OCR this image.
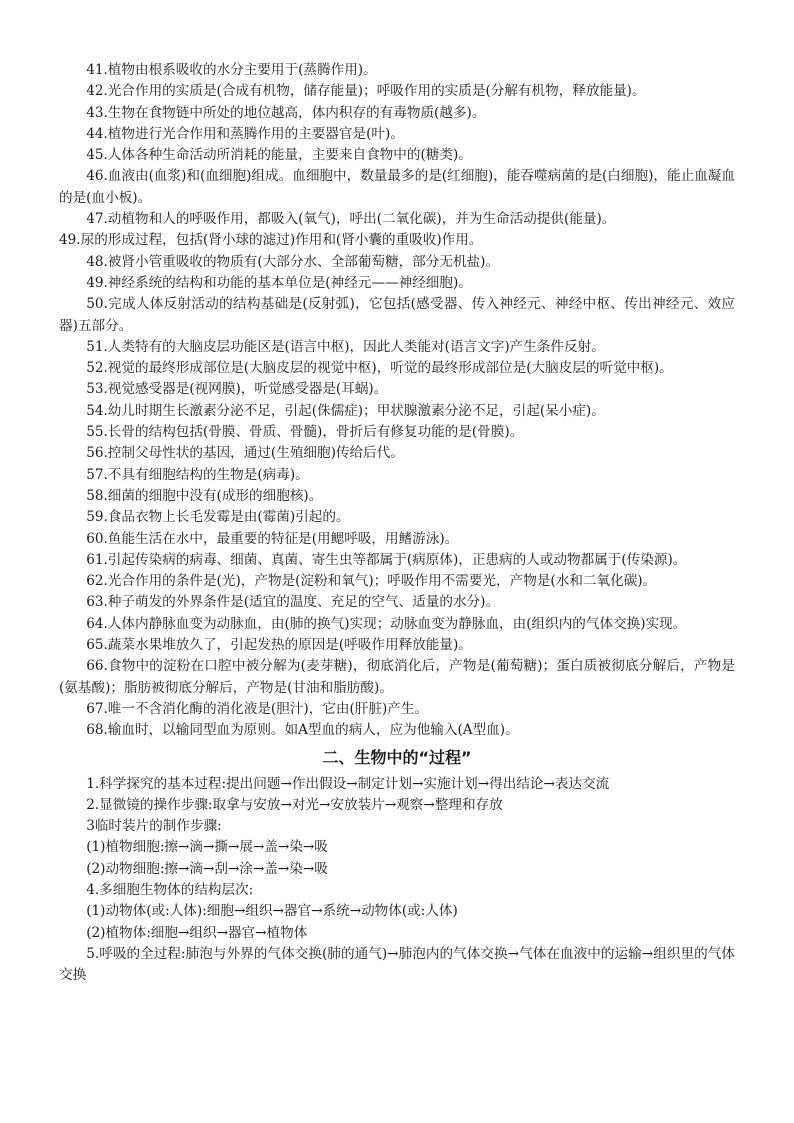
41.植物由根系吸收的水分主要用于(蒸腾作用)。

42.光合作用的实质是(合成有机物，储存能量)；呼吸作用的实质是(分解有机物，释放能量)。

43.生物在食物链中所处的地位越高，体内积存的有毒物质(越多)。

44.植物进行光合作用和蒸腾作用的主要器官是(叶)。

45.人体各种生命活动所消耗的能量，主要来自食物中的(糖类)。

46.血液由(血浆)和(血细胞)组成。血细胞中，数量最多的是(红细胞)，能吞噬病菌的是(白细胞)，能止血凝血的是(血小板)。

47.动植物和人的呼吸作用，都吸入(氧气)，呼出(二氧化碳)，并为生命活动提供(能量)。

49.尿的形成过程，包括(肾小球的滤过)作用和(肾小囊的重吸收)作用。

48.被肾小管重吸收的物质有(大部分水、全部葡萄糖，部分无机盐)。

49.神经系统的结构和功能的基本单位是(神经元——神经细胞)。

50.完成人体反射活动的结构基础是(反射弧)，它包括(感受器、传入神经元、神经中枢、传出神经元、效应器)五部分。

51.人类特有的大脑皮层功能区是(语言中枢)，因此人类能对(语言文字)产生条件反射。

52.视觉的最终形成部位是(大脑皮层的视觉中枢)，听觉的最终形成部位是(大脑皮层的听觉中枢)。

53.视觉感受器是(视网膜)，听觉感受器是(耳蜗)。

54.幼儿时期生长激素分泌不足，引起(侏儒症)；甲状腺激素分泌不足，引起(呆小症)。

55.长骨的结构包括(骨膜、骨质、骨髓)，骨折后有修复功能的是(骨膜)。

56.控制父母性状的基因，通过(生殖细胞)传给后代。

57.不具有细胞结构的生物是(病毒)。

58.细菌的细胞中没有(成形的细胞核)。

59.食品衣物上长毛发霉是由(霉菌)引起的。

60.鱼能生活在水中，最重要的特征是(用鳃呼吸，用鳍游泳)。

61.引起传染病的病毒、细菌、真菌、寄生虫等都属于(病原体)，正患病的人或动物都属于(传染源)。

62.光合作用的条件是(光)，产物是(淀粉和氧气)；呼吸作用不需要光，产物是(水和二氧化碳)。

63.种子萌发的外界条件是(适宜的温度、充足的空气、适量的水分)。

64.人体内静脉血变为动脉血，由(肺的换气)实现；动脉血变为静脉血，由(组织内的气体交换)实现。

65.蔬菜水果堆放久了，引起发热的原因是(呼吸作用释放能量)。

66.食物中的淀粉在口腔中被分解为(麦芽糖)，彻底消化后，产物是(葡萄糖)；蛋白质被彻底分解后，产物是(氨基酸)；脂肪被彻底分解后，产物是(甘油和脂肪酸)。

67.唯一不含消化酶的消化液是(胆汁)，它由(肝脏)产生。

68.输血时，以输同型血为原则。如A型血的病人，应为他输入(A型血)。

二、生物中的“过程”

1.科学探究的基本过程:提出问题→作出假设→制定计划→实施计划→得出结论→表达交流

2.显微镜的操作步骤:取拿与安放→对光→安放装片→观察→整理和存放

3临时装片的制作步骤:

(1)植物细胞:擦→滴→撕→展→盖→染→吸

(2)动物细胞:擦→滴→刮→涂→盖→染→吸

4.多细胞生物体的结构层次:

(1)动物体(或:人体):细胞→组织→器官→系统→动物体(或:人体)

(2)植物体:细胞→组织→器官→植物体

5.呼吸的全过程:肺泡与外界的气体交换(肺的通气)→肺泡内的气体交换→气体在血液中的运输→组织里的气体交换
